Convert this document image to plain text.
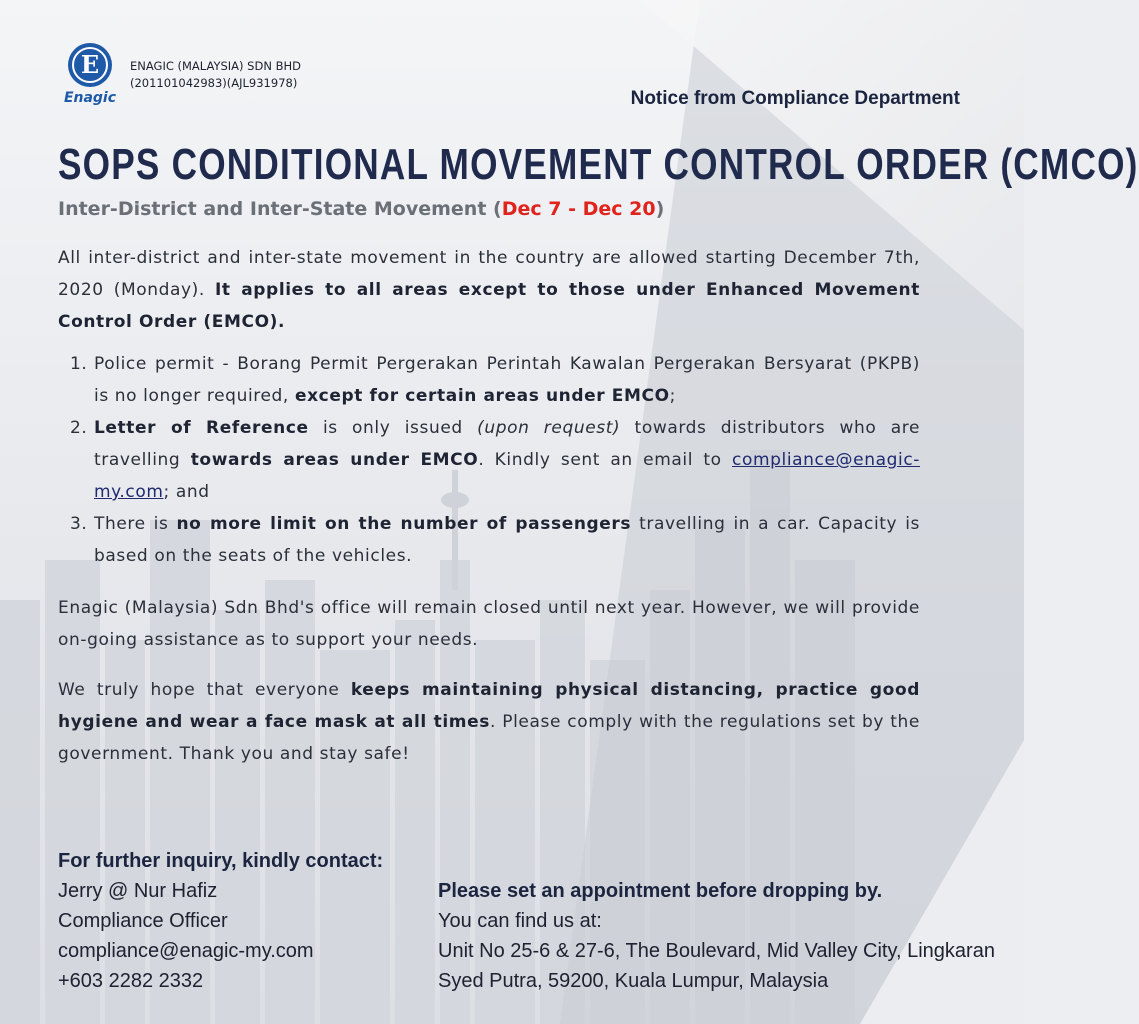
E
Enagic
ENAGIC (MALAYSIA) SDN BHD
(201101042983)(AJL931978)
Notice from Compliance Department
SOPS CONDITIONAL MOVEMENT CONTROL ORDER (CMCO)
Inter-District and Inter-State Movement (Dec 7 - Dec 20)
All inter-district and inter-state movement in the country are allowed starting December 7th, 2020 (Monday). It applies to all areas except to those under Enhanced Movement Control Order (EMCO).
1. Police permit - Borang Permit Pergerakan Perintah Kawalan Pergerakan Bersyarat (PKPB) is no longer required, except for certain areas under EMCO;
2. Letter of Reference is only issued (upon request) towards distributors who are travelling towards areas under EMCO. Kindly sent an email to compliance@enagic-my.com; and
3. There is no more limit on the number of passengers travelling in a car. Capacity is based on the seats of the vehicles.
Enagic (Malaysia) Sdn Bhd's office will remain closed until next year. However, we will provide on-going assistance as to support your needs.
We truly hope that everyone keeps maintaining physical distancing, practice good hygiene and wear a face mask at all times. Please comply with the regulations set by the government. Thank you and stay safe!
For further inquiry, kindly contact:
Jerry @ Nur Hafiz
Compliance Officer
compliance@enagic-my.com
+603 2282 2332
Please set an appointment before dropping by.
You can find us at:
Unit No 25-6 & 27-6, The Boulevard, Mid Valley City, Lingkaran
Syed Putra, 59200, Kuala Lumpur, Malaysia
